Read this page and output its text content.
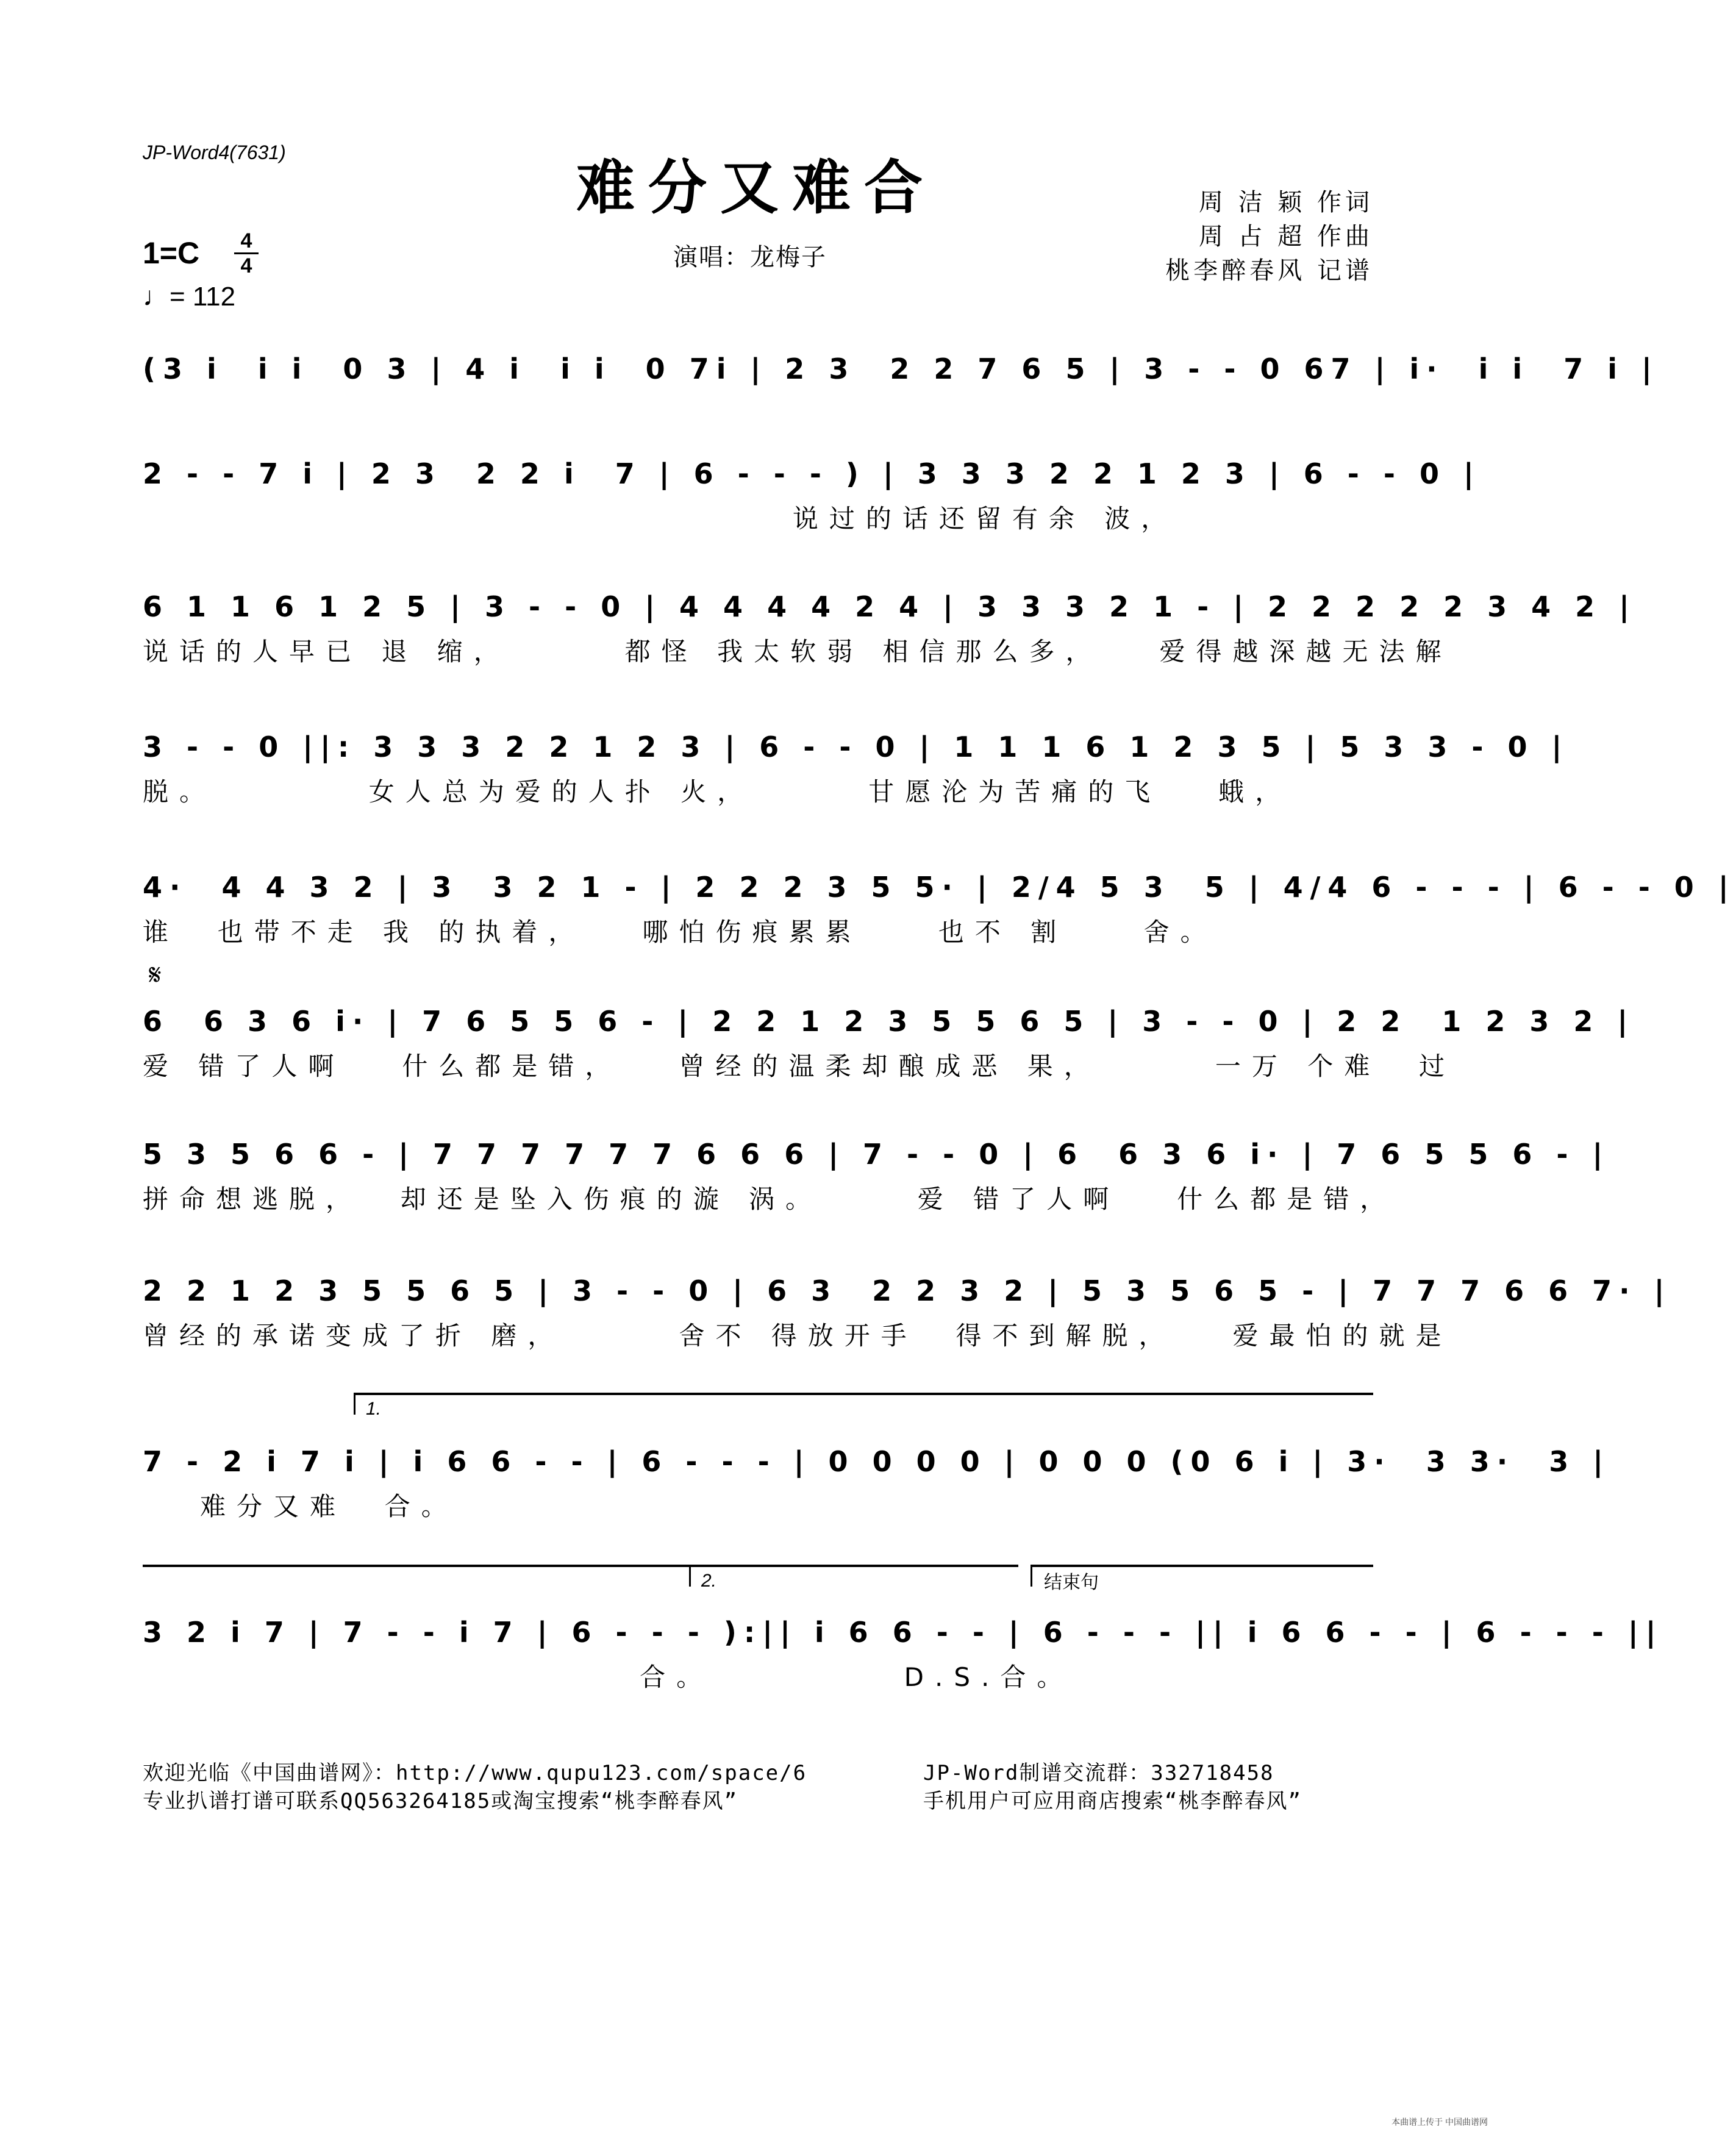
JP-Word4(7631)
难分又难合	周 洁 颖 作词
周 占 超 作曲
桃李醉春风 记谱
1=C	4
4
♩= 112
演唱：龙梅子
(3 i  i i  0 3 | 4 i  i i  0 7i | 2 3  2 2 7 6 5 | 3 - - 0 67 | i·  i i  7 i |
2 - - 7 i | 2 3  2 2 i  7 | 6 - - - ) | 3 3 3 2 2 1 2 3 | 6 - - 0 |
说过的话还留有余 波，
6 1 1 6 1 2 5 | 3 - - 0 | 4 4 4 4 2 4 | 3 3 3 2 1 - | 2 2 2 2 2 3 4 2 |
说话的人早已 退 缩，      都怪 我太软弱 相信那么多，   爱得越深越无法解
3 - - 0 ||: 3 3 3 2 2 1 2 3 | 6 - - 0 | 1 1 1 6 1 2 3 5 | 5 3 3 - 0 |
脱。        女人总为爱的人扑 火，      甘愿沦为苦痛的飞   蛾，
4·  4 4 3 2 | 3  3 2 1 - | 2 2 2 3 5 5· | 2/4 5 3  5 | 4/4 6 - - - | 6 - - 0 |
谁  也带不走 我 的执着，   哪怕伤痕累累    也不 割    舍。
𝄋
6  6 3 6 i· | 7 6 5 5 6 - | 2 2 1 2 3 5 5 6 5 | 3 - - 0 | 2 2  1 2 3 2 |
爱 错了人啊   什么都是错，   曾经的温柔却酿成恶 果，      一万 个难  过
5 3 5 6 6 - | 7 7 7 7 7 7 6 6 6 | 7 - - 0 | 6  6 3 6 i· | 7 6 5 5 6 - |
拼命想逃脱，  却还是坠入伤痕的漩 涡。     爱 错了人啊   什么都是错，
2 2 1 2 3 5 5 6 5 | 3 - - 0 | 6 3  2 2 3 2 | 5 3 5 6 5 - | 7 7 7 6 6 7· |
曾经的承诺变成了折 磨，      舍不 得放开手  得不到解脱，   爱最怕的就是
1.
7 - 2 i 7 i | i 6 6 - - | 6 - - - | 0 0 0 0 | 0 0 0 (0 6 i | 3·  3 3·  3 |
难分又难  合。
2.	结束句
3 2 i 7 | 7 - - i 7 | 6 - - - ):|| i 6 6 - - | 6 - - - || i 6 6 - - | 6 - - - ||
合。          D.S.合。
欢迎光临《中国曲谱网》：http://www.qupu123.com/space/6
专业扒谱打谱可联系QQ563264185或淘宝搜索“桃李醉春风”
JP-Word制谱交流群：332718458
手机用户可应用商店搜索“桃李醉春风”
本曲谱上传于 中国曲谱网
